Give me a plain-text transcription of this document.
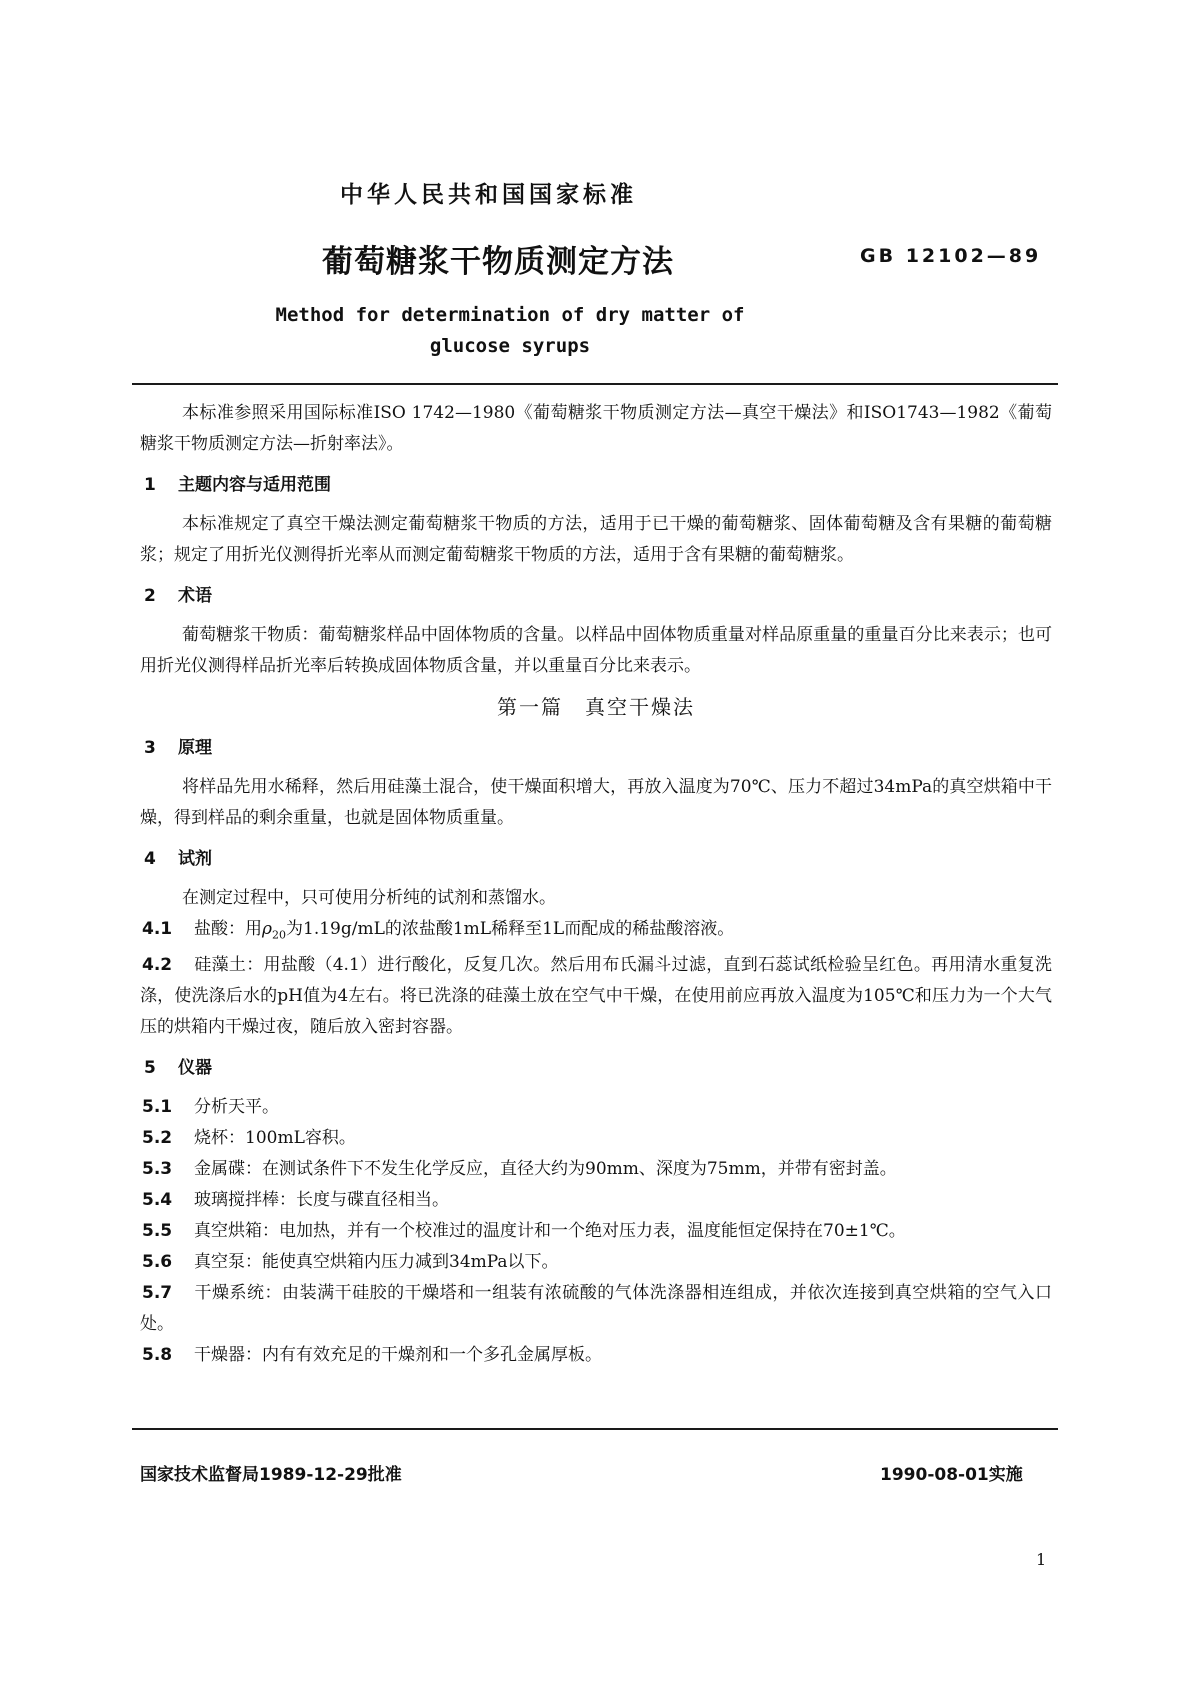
中华人民共和国国家标准
葡萄糖浆干物质测定方法	GB 12102—89
Method for determination of dry matter of glucose syrups

本标准参照采用国际标准ISO 1742—1980《葡萄糖浆干物质测定方法—真空干燥法》和ISO1743—1982《葡萄糖浆干物质测定方法—折射率法》。

1 主题内容与适用范围

本标准规定了真空干燥法测定葡萄糖浆干物质的方法，适用于已干燥的葡萄糖浆、固体葡萄糖及含有果糖的葡萄糖浆；规定了用折光仪测得折光率从而测定葡萄糖浆干物质的方法，适用于含有果糖的葡萄糖浆。

2 术语

葡萄糖浆干物质：葡萄糖浆样品中固体物质的含量。以样品中固体物质重量对样品原重量的重量百分比来表示；也可用折光仪测得样品折光率后转换成固体物质含量，并以重量百分比来表示。

第一篇 真空干燥法

3 原理

将样品先用水稀释，然后用硅藻土混合，使干燥面积增大，再放入温度为70℃、压力不超过34mPa的真空烘箱中干燥，得到样品的剩余重量，也就是固体物质重量。

4 试剂

在测定过程中，只可使用分析纯的试剂和蒸馏水。

4.1 盐酸：用$\rho_{20}$为1.19g/mL的浓盐酸1mL稀释至1L而配成的稀盐酸溶液。

4.2 硅藻土：用盐酸（4.1）进行酸化，反复几次。然后用布氏漏斗过滤，直到石蕊试纸检验呈红色。再用清水重复洗涤，使洗涤后水的pH值为4左右。将已洗涤的硅藻土放在空气中干燥，在使用前应再放入温度为105℃和压力为一个大气压的烘箱内干燥过夜，随后放入密封容器。

5 仪器

5.1 分析天平。

5.2 烧杯：100mL容积。

5.3 金属碟：在测试条件下不发生化学反应，直径大约为90mm、深度为75mm，并带有密封盖。

5.4 玻璃搅拌棒：长度与碟直径相当。

5.5 真空烘箱：电加热，并有一个校准过的温度计和一个绝对压力表，温度能恒定保持在70±1℃。

5.6 真空泵：能使真空烘箱内压力减到34mPa以下。

5.7 干燥系统：由装满干硅胶的干燥塔和一组装有浓硫酸的气体洗涤器相连组成，并依次连接到真空烘箱的空气入口处。

5.8 干燥器：内有有效充足的干燥剂和一个多孔金属厚板。

国家技术监督局1989-12-29批准	1990-08-01实施
1
